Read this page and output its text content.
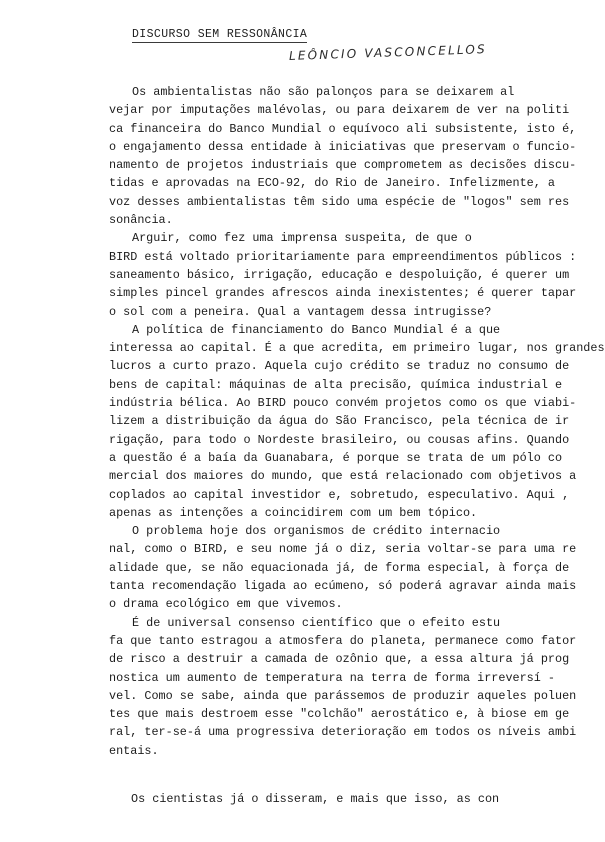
DISCURSO SEM RESSONÂNCIA
LEÔNCIO VASCONCELLOS
Os ambientalistas não são palonços para se deixarem al
vejar por imputações malévolas, ou para deixarem de ver na politi
ca financeira do Banco Mundial o equívoco ali subsistente, isto é,
o engajamento dessa entidade à iniciativas que preservam o funcio-
namento de projetos industriais que comprometem as decisões discu-
tidas e aprovadas na ECO-92, do Rio de Janeiro. Infelizmente, a
voz desses ambientalistas têm sido uma espécie de "logos" sem res
sonância.
Arguir, como fez uma imprensa suspeita, de que o
BIRD está voltado prioritariamente para empreendimentos públicos :
saneamento básico, irrigação, educação e despoluição, é querer um
simples pincel grandes afrescos ainda inexistentes; é querer tapar
o sol com a peneira. Qual a vantagem dessa intrugisse?
A política de financiamento do Banco Mundial é a que
interessa ao capital. É a que acredita, em primeiro lugar, nos grandes
lucros a curto prazo. Aquela cujo crédito se traduz no consumo de
bens de capital: máquinas de alta precisão, química industrial e
indústria bélica. Ao BIRD pouco convém projetos como os que viabi-
lizem a distribuição da água do São Francisco, pela técnica de ir
rigação, para todo o Nordeste brasileiro, ou cousas afins. Quando
a questão é a baía da Guanabara, é porque se trata de um pólo co
mercial dos maiores do mundo, que está relacionado com objetivos a
coplados ao capital investidor e, sobretudo, especulativo. Aqui ,
apenas as intenções a coincidirem com um bem tópico.
O problema hoje dos organismos de crédito internacio
nal, como o BIRD, e seu nome já o diz, seria voltar-se para uma re
alidade que, se não equacionada já, de forma especial, à força de
tanta recomendação ligada ao ecúmeno, só poderá agravar ainda mais
o drama ecológico em que vivemos.
É de universal consenso científico que o efeito estu
fa que tanto estragou a atmosfera do planeta, permanece como fator
de risco a destruir a camada de ozônio que, a essa altura já prog
nostica um aumento de temperatura na terra de forma irreversí -
vel. Como se sabe, ainda que parássemos de produzir aqueles poluen
tes que mais destroem esse "colchão" aerostático e, à biose em ge
ral, ter-se-á uma progressiva deterioração em todos os níveis ambi
entais.
Os cientistas já o disseram, e mais que isso, as con
